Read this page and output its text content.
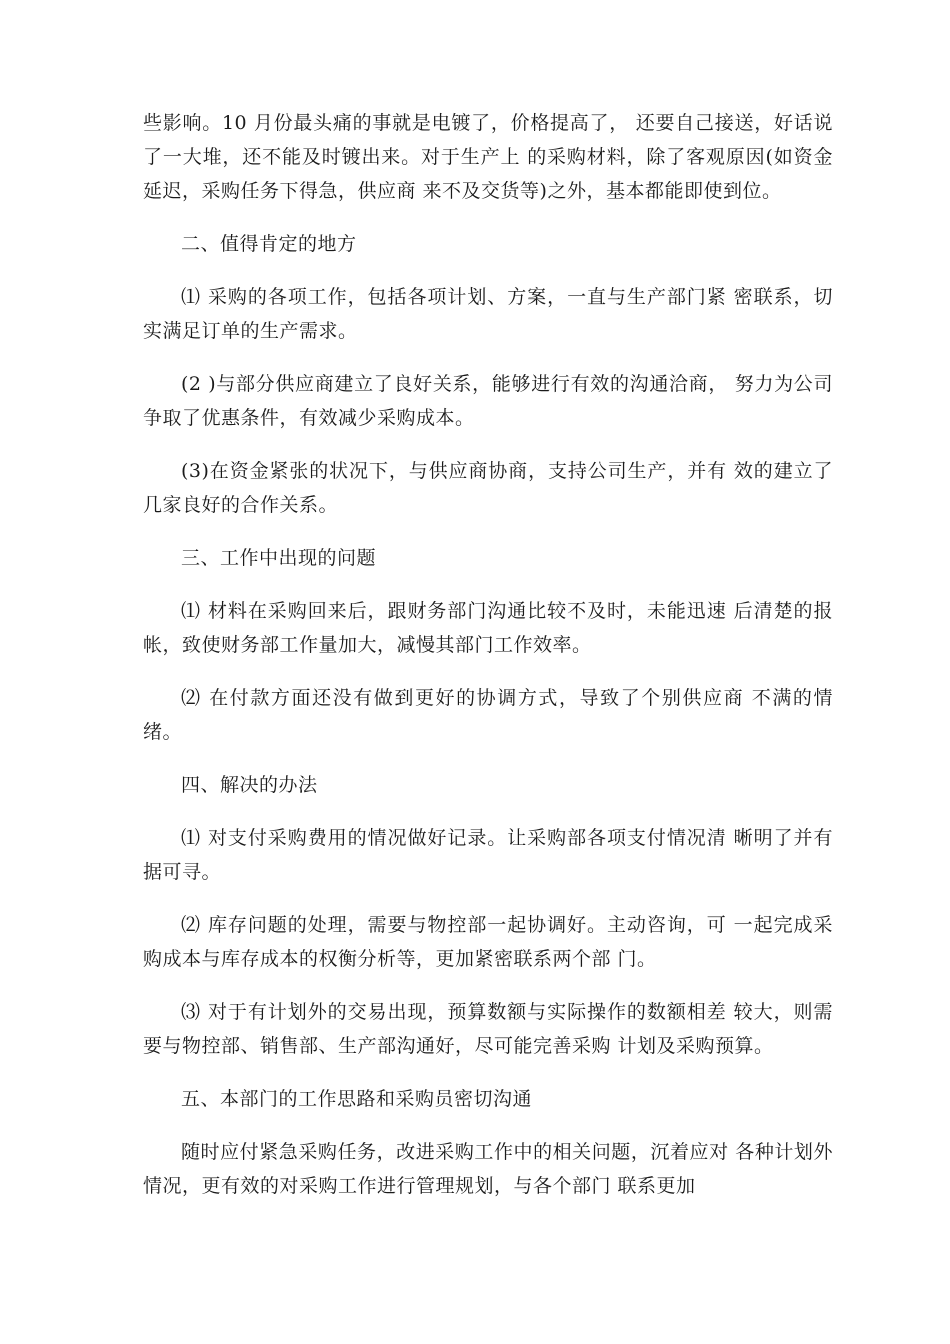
些影响。10 月份最头痛的事就是电镀了，价格提高了， 还要自己接送，好话说了一大堆，还不能及时镀出来。对于生产上 的采购材料，除了客观原因(如资金延迟，采购任务下得急，供应商 来不及交货等)之外，基本都能即使到位。

二、值得肯定的地方

⑴ 采购的各项工作，包括各项计划、方案，一直与生产部门紧 密联系，切实满足订单的生产需求。

(2 )与部分供应商建立了良好关系，能够进行有效的沟通洽商， 努力为公司争取了优惠条件，有效减少采购成本。

(3)在资金紧张的状况下，与供应商协商，支持公司生产，并有 效的建立了几家良好的合作关系。

三、工作中出现的问题

⑴ 材料在采购回来后，跟财务部门沟通比较不及时，未能迅速 后清楚的报帐，致使财务部工作量加大，减慢其部门工作效率。

⑵ 在付款方面还没有做到更好的协调方式，导致了个别供应商 不满的情绪。

四、解决的办法

⑴ 对支付采购费用的情况做好记录。让采购部各项支付情况清 晰明了并有据可寻。

⑵ 库存问题的处理，需要与物控部一起协调好。主动咨询，可 一起完成采购成本与库存成本的权衡分析等，更加紧密联系两个部 门。

⑶ 对于有计划外的交易出现，预算数额与实际操作的数额相差 较大，则需要与物控部、销售部、生产部沟通好，尽可能完善采购 计划及采购预算。

五、本部门的工作思路和采购员密切沟通

随时应付紧急采购任务，改进采购工作中的相关问题，沉着应对 各种计划外情况，更有效的对采购工作进行管理规划，与各个部门 联系更加
